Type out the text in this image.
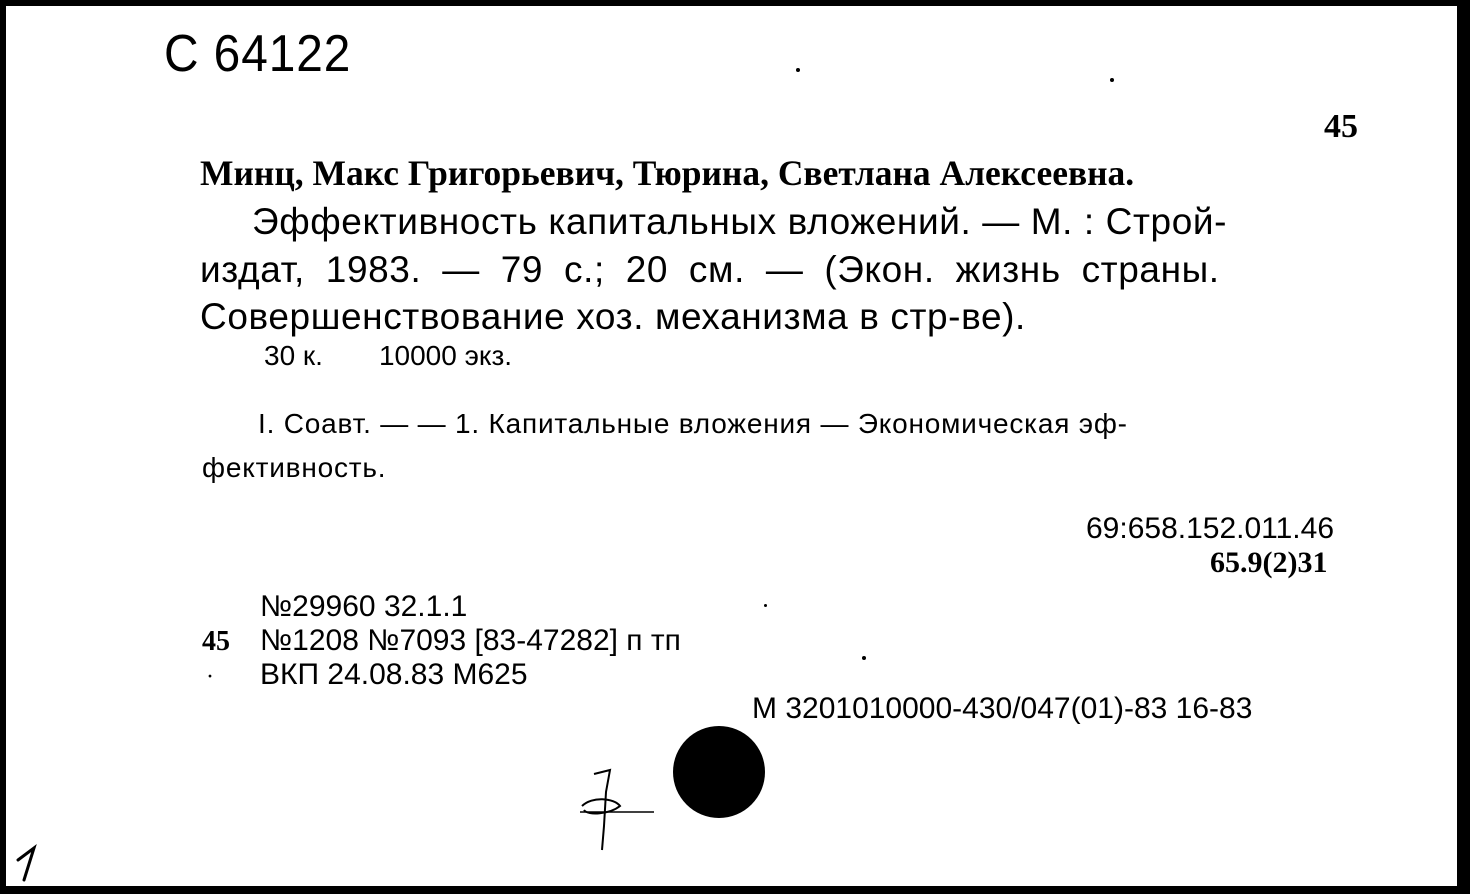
С 64122
45
Минц, Макс Григорьевич, Тюрина, Светлана Алексеевна.
Эффективность капитальных вложений. — М. : Строй-
издат, 1983. — 79 с.; 20 см. — (Экон. жизнь страны.
Совершенствование хоз. механизма в стр-ве).
30 к. 10000 экз.
I. Соавт. — — 1. Капитальные вложения — Экономическая эф-
фективность.
69:658.152.011.46
65.9(2)31
№29960 32.1.1
45 №1208 №7093 [83-47282] п тп
· ВКП 24.08.83 М625
М 3201010000-430/047(01)-83 16-83
